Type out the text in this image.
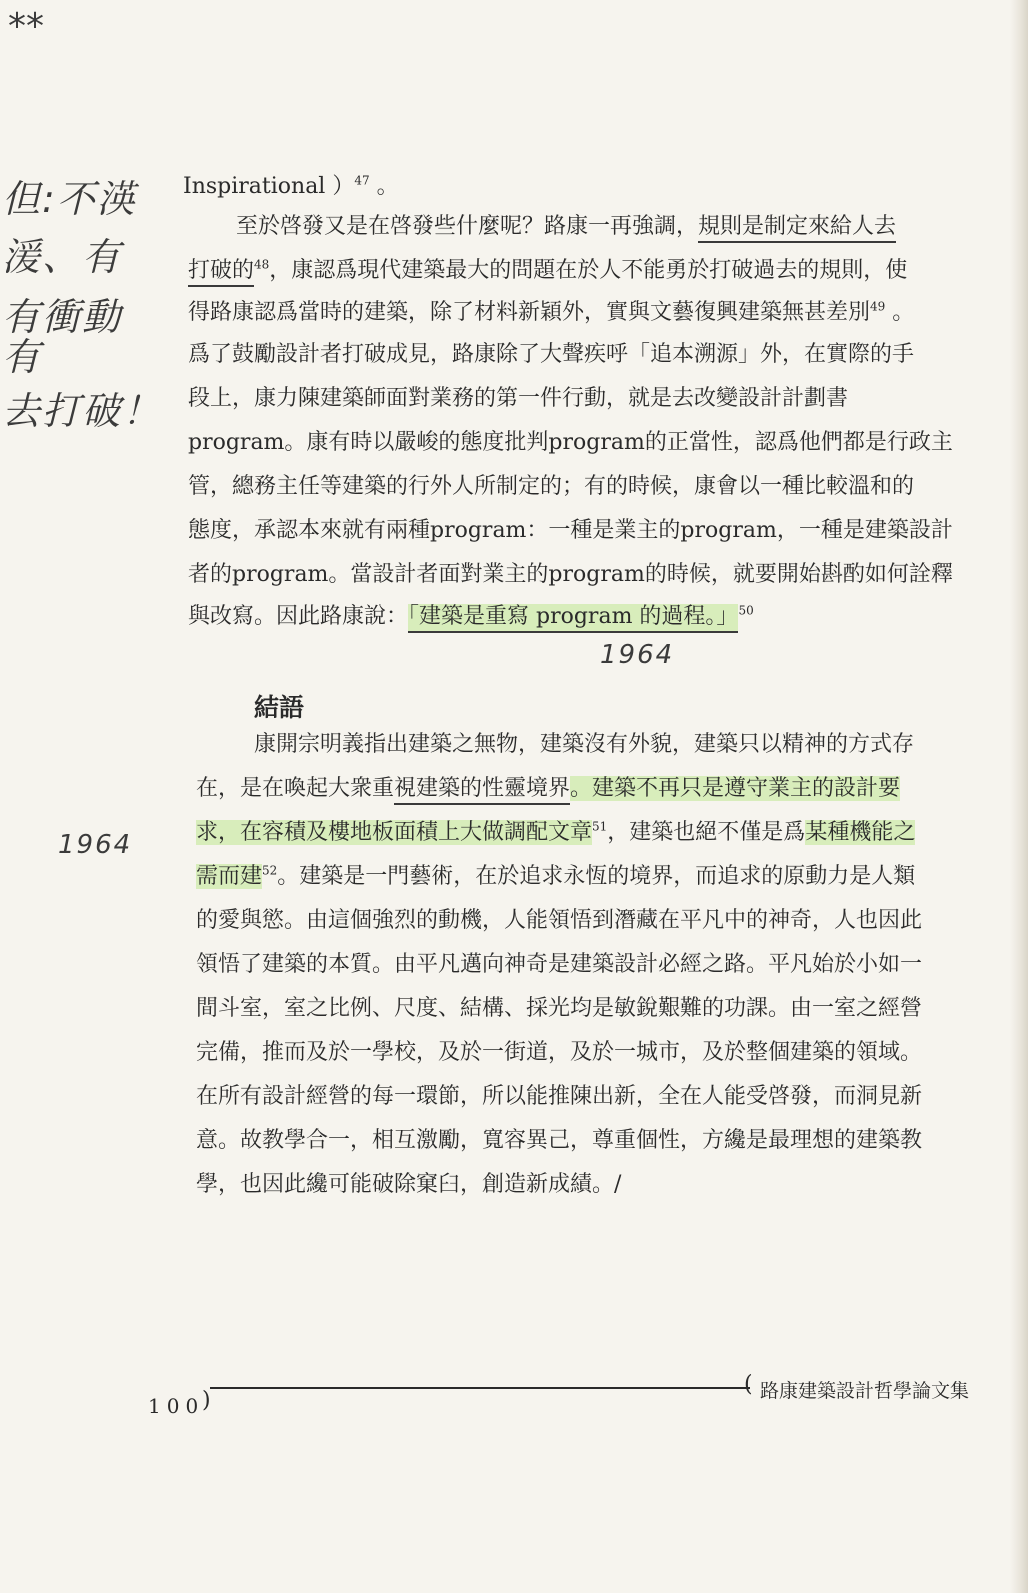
**
但:不渶
湲、有
有衝動
有
去打破！
1964
1964
Inspirational ）$^{47}$ 。
至於啓發又是在啓發些什麼呢？路康一再強調，規則是制定來給人去
打破的$^{48}$，康認爲現代建築最大的問題在於人不能勇於打破過去的規則，使
得路康認爲當時的建築，除了材料新穎外，實與文藝復興建築無甚差別$^{49}$ 。
爲了鼓勵設計者打破成見，路康除了大聲疾呼「追本溯源」外，在實際的手
段上，康力陳建築師面對業務的第一件行動，就是去改變設計計劃書
program。康有時以嚴峻的態度批判program的正當性，認爲他們都是行政主
管，總務主任等建築的行外人所制定的；有的時候，康會以一種比較溫和的
態度，承認本來就有兩種program：一種是業主的program，一種是建築設計
者的program。當設計者面對業主的program的時候，就要開始斟酌如何詮釋
與改寫。因此路康說：「建築是重寫 program 的過程。」$^{50}$
結語
康開宗明義指出建築之無物，建築沒有外貌，建築只以精神的方式存
在，是在喚起大衆重視建築的性靈境界。建築不再只是遵守業主的設計要
求，在容積及樓地板面積上大做調配文章$^{51}$，建築也絕不僅是爲某種機能之
需而建$^{52}$。建築是一門藝術，在於追求永恆的境界，而追求的原動力是人類
的愛與慾。由這個強烈的動機，人能領悟到潛藏在平凡中的神奇，人也因此
領悟了建築的本質。由平凡邁向神奇是建築設計必經之路。平凡始於小如一
間斗室，室之比例、尺度、結構、採光均是敏銳艱難的功課。由一室之經營
完備，推而及於一學校，及於一街道，及於一城市，及於整個建築的領域。
在所有設計經營的每一環節，所以能推陳出新，全在人能受啓發，而洞見新
意。故教學合一，相互激勵，寬容異己，尊重個性，方纔是最理想的建築教
學，也因此纔可能破除窠臼，創造新成績。/
100
)
( 路康建築設計哲學論文集
